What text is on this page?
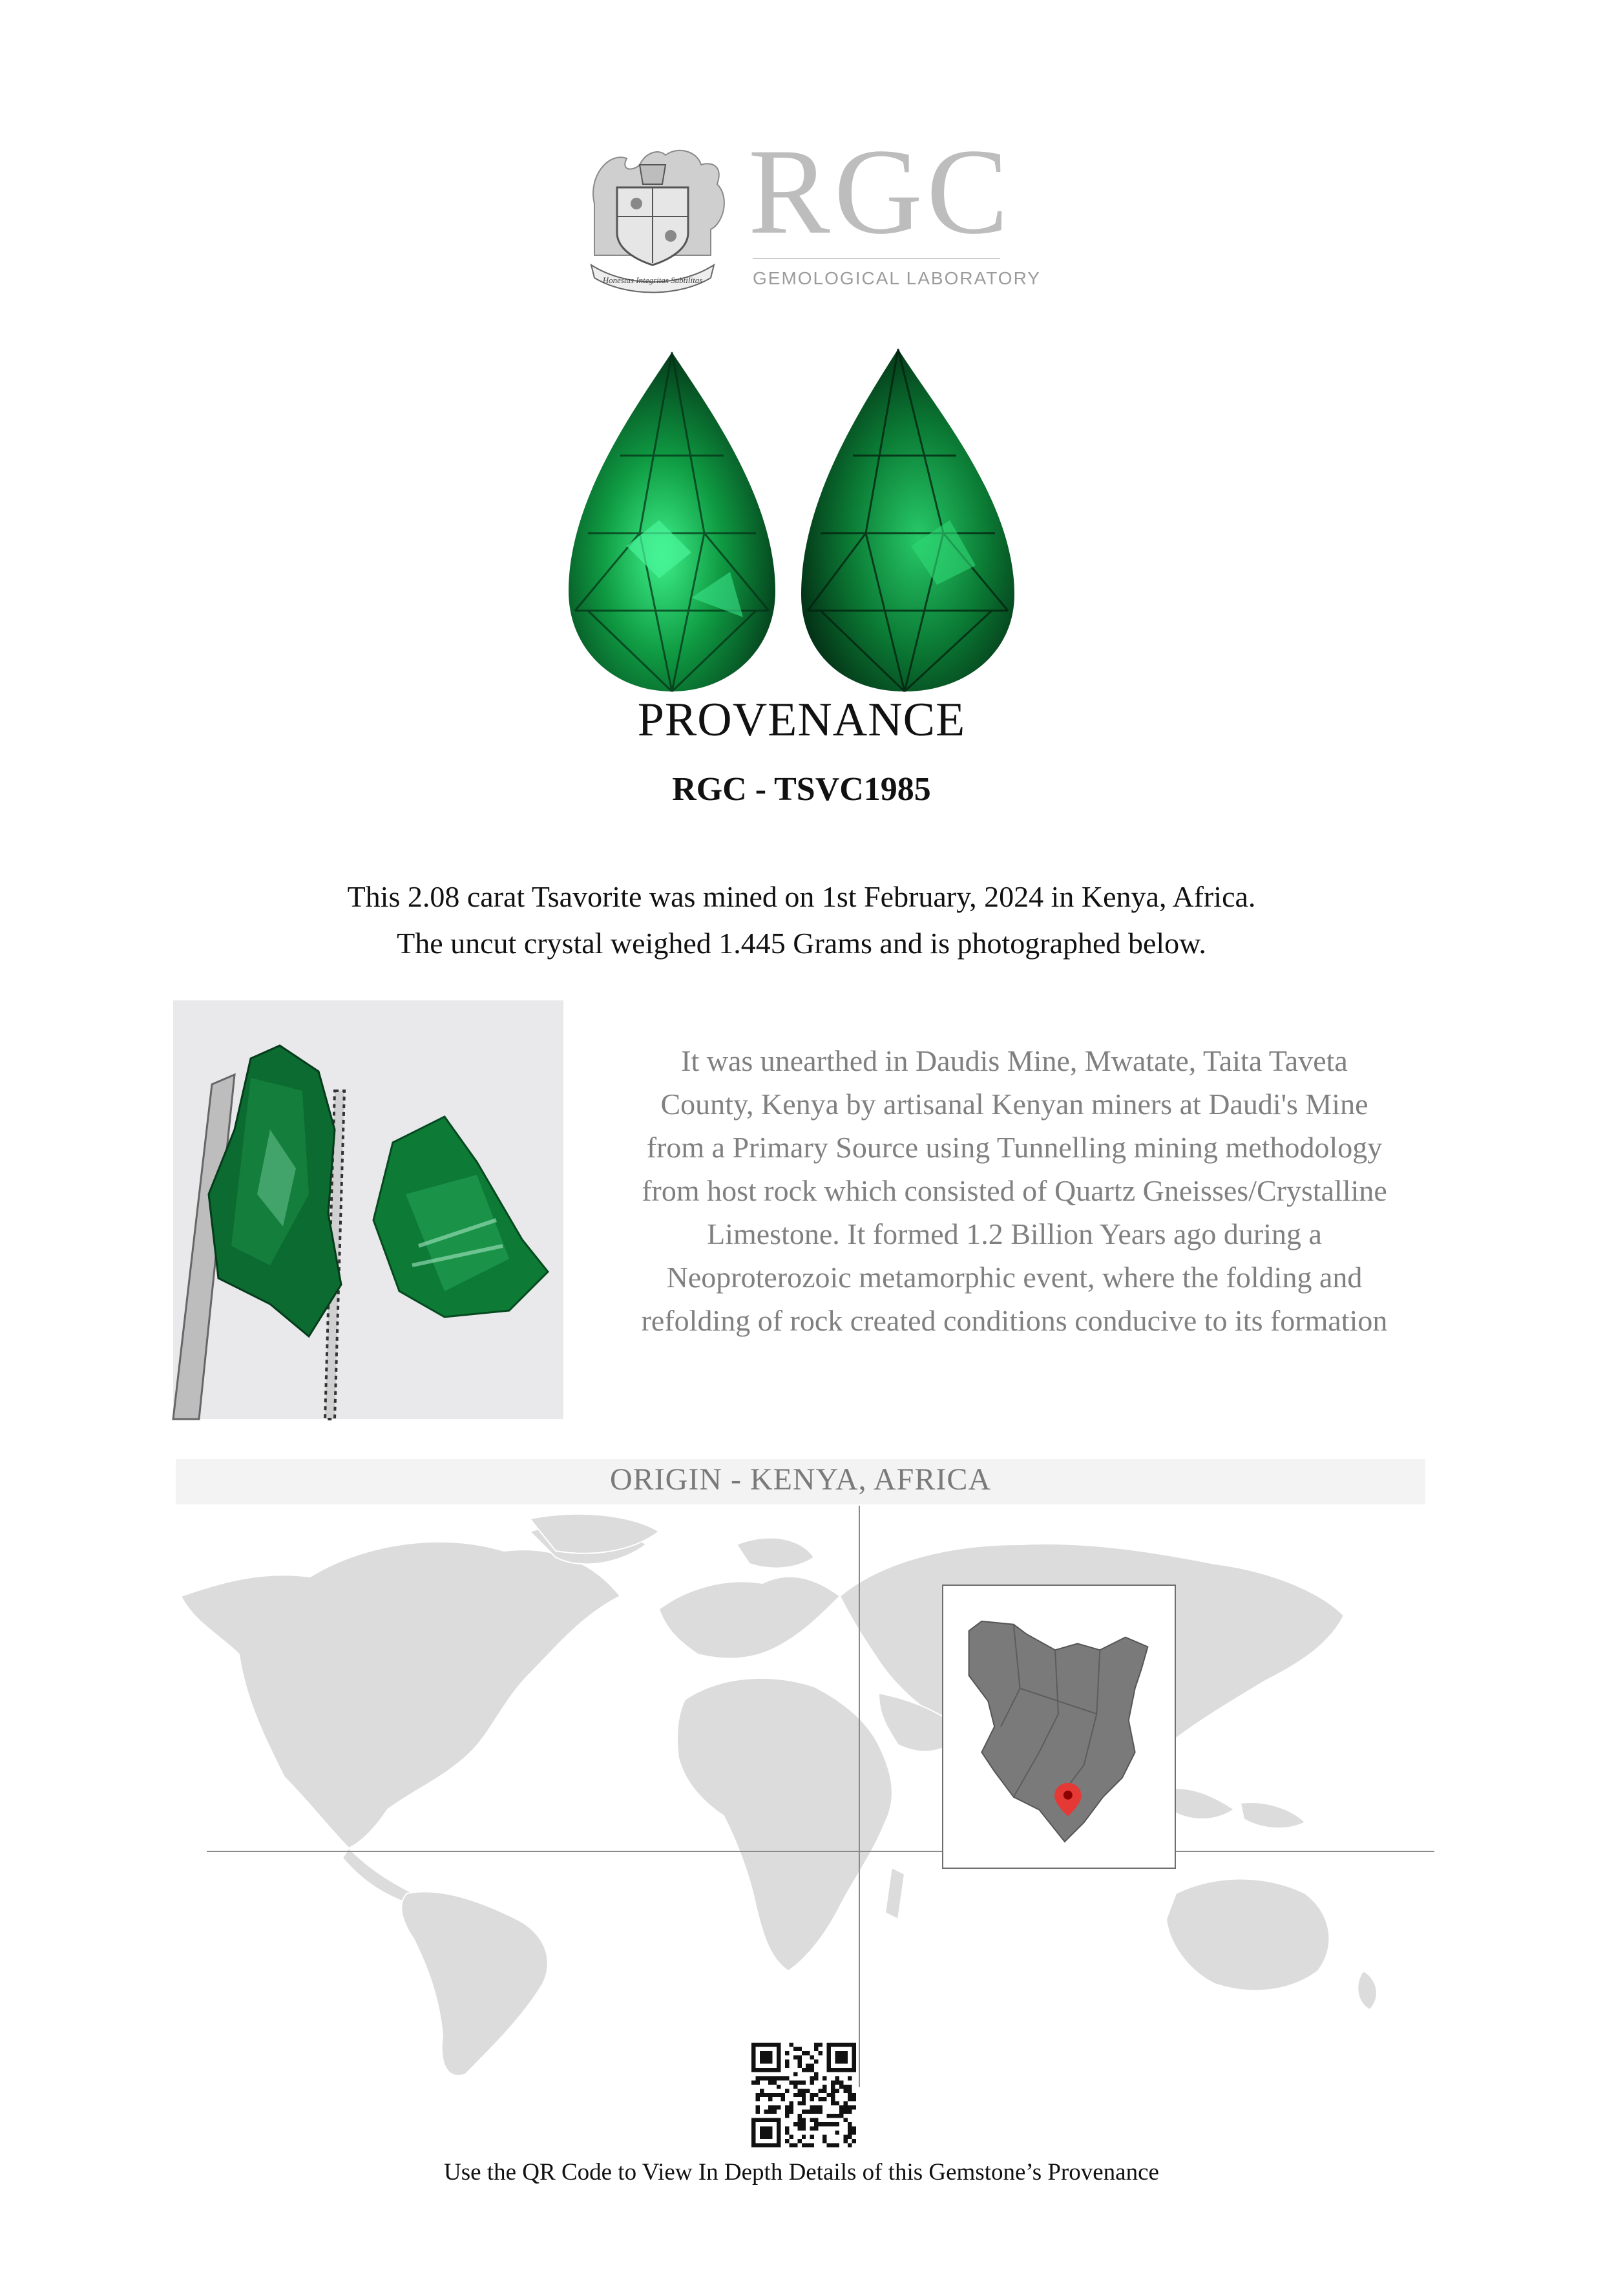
Honestas Integritas Subtilitas
RGC
GEMOLOGICAL LABORATORY
PROVENANCE
RGC - TSVC1985
This 2.08 carat Tsavorite was mined on 1st February, 2024 in Kenya, Africa.
The uncut crystal weighed 1.445 Grams and is photographed below.
It was unearthed in Daudis Mine, Mwatate, Taita Taveta County, Kenya by artisanal Kenyan miners at Daudi's Mine from a Primary Source using Tunnelling mining methodology from host rock which consisted of Quartz Gneisses/Crystalline Limestone. It formed 1.2 Billion Years ago during a Neoproterozoic metamorphic event, where the folding and refolding of rock created conditions conducive to its formation
ORIGIN - KENYA, AFRICA
Use the QR Code to View In Depth Details of this Gemstone’s Provenance
